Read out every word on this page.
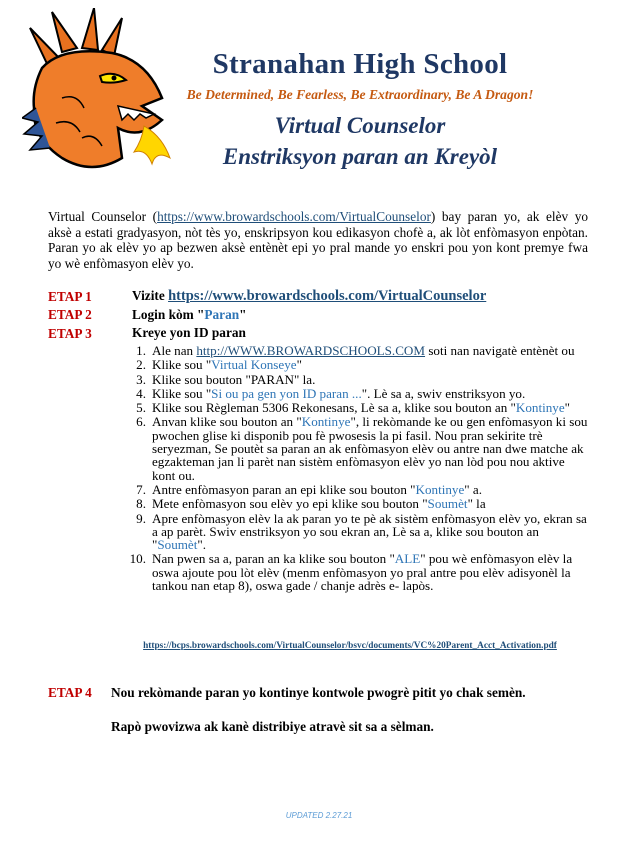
Stranahan High School
Be Determined, Be Fearless, Be Extraordinary, Be A Dragon!
Virtual Counselor
Enstriksyon paran an Kreyòl
Virtual Counselor (https://www.browardschools.com/VirtualCounselor) bay paran yo, ak elèv yo aksè a estati gradyasyon, nòt tès yo, enskripsyon kou edikasyon chofè a, ak lòt enfòmasyon enpòtan. Paran yo ak elèv yo ap bezwen aksè entènèt epi yo pral mande yo enskri pou yon kont premye fwa yo wè enfòmasyon elèv yo.
ETAP 1	Vizite https://www.browardschools.com/VirtualCounselor
ETAP 2	Login kòm "Paran"
ETAP 3	Kreye yon ID paran
1. Ale nan http://WWW.BROWARDSCHOOLS.COM soti nan navigatè entènèt ou
2. Klike sou "Virtual Konseye"
3. Klike sou bouton "PARAN" la.
4. Klike sou "Si ou pa gen yon ID paran ...". Lè sa a, swiv enstriksyon yo.
5. Klike sou Règleman 5306 Rekonesans, Lè sa a, klike sou bouton an "Kontinye"
6. Anvan klike sou bouton an "Kontinye", li rekòmande ke ou gen enfòmasyon ki sou pwochen glise ki disponib pou fè pwosesis la pi fasil. Nou pran sekirite trè seryezman, Se poutèt sa paran an ak enfòmasyon elèv ou antre nan dwe matche ak egzakteman jan li parèt nan sistèm enfòmasyon elèv yo nan lòd pou nou aktive kont ou.
7. Antre enfòmasyon paran an epi klike sou bouton "Kontinye" a.
8. Mete enfòmasyon sou elèv yo epi klike sou bouton "Soumèt" la
9. Apre enfòmasyon elèv la ak paran yo te pè ak sistèm enfòmasyon elèv yo, ekran sa a ap parèt. Swiv enstriksyon yo sou ekran an, Lè sa a, klike sou bouton an "Soumèt".
10. Nan pwen sa a, paran an ka klike sou bouton "ALE" pou wè enfòmasyon elèv la oswa ajoute pou lòt elèv (menm enfòmasyon yo pral antre pou elèv adisyonèl la tankou nan etap 8), oswa gade / chanje adrès e- lapòs.
https://bcps.browardschools.com/VirtualCounselor/bsvc/documents/VC%20Parent_Acct_Activation.pdf
ETAP 4 Nou rekòmande paran yo kontinye kontwole pwogrè pitit yo chak semèn.
Rapò pwovizwa ak kanè distribiye atravè sit sa a sèlman.
UPDATED 2.27.21
